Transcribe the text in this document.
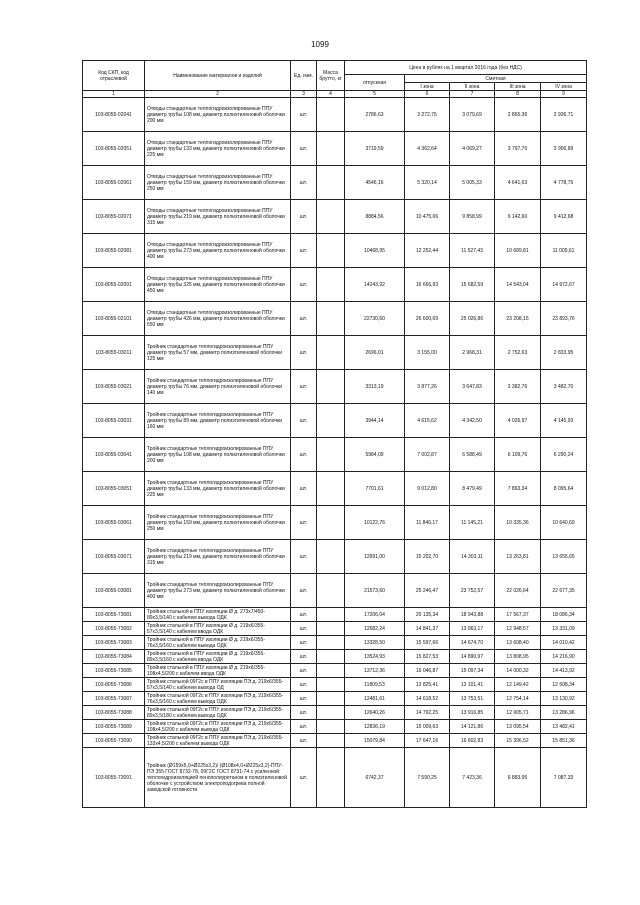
1099
Код СКП, код отраслевой	Наименование материалов и изделий	Ед. изм.	Масса брутто, кг	Цена в рублях на 1 квартал 2016 года (без НДС)				
				отпускная	Сметная			
					I зона	II зона	III зона	IV зона
1	2	3	4	5	6	7	8	9
103-8055-02041	Отводы стандартные теплогидроизолированные ППУ диаметр трубы 108 мм, диаметр полиэтиленовой оболочки 200 мм	шт.		2786,63	3 272,75	3 079,69	2 865,36	2 936,71
103-8055-02051	Отводы стандартные теплогидроизолированные ППУ диаметр трубы 133 мм, диаметр полиэтиленовой оболочки 225 мм	шт.		3719,59	4 362,64	4 069,27	3 797,70	3 906,89
103-8055-02061	Отводы стандартные теплогидроизолированные ППУ диаметр трубы 159 мм, диаметр полиэтиленовой оболочки 250 мм	шт.		4546,16	5 320,14	5 005,33	4 641,63	4 778,75
103-8055-02071	Отводы стандартные теплогидроизолированные ППУ диаметр трубы 219 мм, диаметр полиэтиленовой оболочки 315 мм	шт.		8884,56	10 475,06	9 858,99	9 142,60	9 412,68
103-8055-02081	Отводы стандартные теплогидроизолированные ППУ диаметр трубы 273 мм, диаметр полиэтиленовой оболочки 400 мм	шт.		10468,95	12 252,44	11 527,43	10 689,81	11 005,61
103-8055-02091	Отводы стандартные теплогидроизолированные ППУ диаметр трубы 325 мм, диаметр полиэтиленовой оболочки 450 мм	шт.		14243,92	16 666,93	15 682,59	14 543,04	14 972,67
103-8055-02101	Отводы стандартные теплогидроизолированные ППУ диаметр трубы 426 мм, диаметр полиэтиленовой оболочки 550 мм	шт.		22730,60	26 600,69	25 026,86	23 208,15	23 893,76
103-8055-03011	Тройник стандартные теплогидроизолированные ППУ диаметр трубы 57 мм, диаметр полиэтиленовой оболочки 125 мм	шт.		2696,01	3 155,00	2 968,31	2 752,63	2 833,95
103-8055-03021	Тройник стандартные теплогидроизолированные ППУ диаметр трубы 76 мм, диаметр полиэтиленовой оболочки 140 мм	шт.		3313,19	3 877,26	3 647,83	3 382,76	3 482,70
103-8055-03031	Тройник стандартные теплогидроизолированные ППУ диаметр трубы 89 мм, диаметр полиэтиленовой оболочки 160 мм	шт.		3944,14	4 615,62	4 342,50	4 026,97	4 145,93
103-8055-03041	Тройник стандартные теплогидроизолированные ППУ диаметр трубы 108 мм, диаметр полиэтиленовой оболочки 200 мм	шт.		5984,09	7 002,87	6 588,49	6 109,76	6 290,24
103-8055-03051	Тройник стандартные теплогидроизолированные ППУ диаметр трубы 133 мм, диаметр полиэтиленовой оболочки 225 мм	шт.		7701,61	9 012,80	8 479,49	7 863,34	8 095,64
103-8055-03061	Тройник стандартные теплогидроизолированные ППУ диаметр трубы 159 мм, диаметр полиэтиленовой оболочки 250 мм	шт.		10122,76	11 846,17	11 145,21	10 335,36	10 640,69
103-8055-03071	Тройник стандартные теплогидроизолированные ППУ диаметр трубы 219 мм, диаметр полиэтиленовой оболочки 315 мм	шт.		12991,00	15 202,70	14 303,11	13 263,81	13 655,65
103-8055-03081	Тройник стандартные теплогидроизолированные ППУ диаметр трубы 273 мм, диаметр полиэтиленовой оболочки 400 мм	шт.		21573,60	25 246,47	23 752,57	22 026,64	22 677,35
103-8055-73081	Тройник стальной в ППУ изоляции Ø д. 273x7/450-89x3,5/140 с кабелем вывода ОДК	шт.		17206,04	20 135,34	18 943,88	17 567,37	18 086,34
103-8055-73082	Тройник стальной в ППУ изоляции Ø д. 219x6/355-57x3,5/140 с кабелем ввода ОДК	шт.		12682,24	14 841,37	13 963,17	12 948,57	13 331,09
103-8055-73083	Тройник стальной в ППУ изоляции Ø д. 219x6/355-76x3,5/160 с кабелем вывода ОДК	шт.		13328,50	15 597,66	14 674,70	13 608,40	14 010,42
103-8055-73084	Тройник стальной в ППУ изоляции Ø д. 219x6/355-89x3,5/160 с кабелем ввода ОДК	шт.		13524,93	15 827,53	14 890,97	13 808,95	14 216,90
103-8055-73085	Тройник стальной в ППУ изоляции Ø д. 219x6/355-108x4,5/200 с кабелем ввода ОДК	шт.		13712,36	16 046,87	15 097,34	14 000,32	14 413,92
103-8055-73086	Тройник стальной 09Г2с в ППУ изоляции ПЭ д. 219x6/355-57x3,5/140 с кабелем вывода ОД	шт.		11809,53	13 825,41	13 101,41	12 149,42	12 508,34
103-8055-73087	Тройник стальной 09Г2с в ППУ изоляции ПЭ д. 219x6/355-76x3,5/160 с кабелем вывода ОДК	шт.		12481,61	14 618,52	13 753,51	12 754,14	13 130,92
103-8055-73088	Тройник стальной 09Г2с в ППУ изоляции ПЭ д. 219x6/355-89x3,5/180 с кабелем вывода ОДК	шт.		12640,26	14 792,25	13 916,85	12 905,71	13 286,96
103-8055-73089	Тройник стальной 09Г2с в ППУ изоляции ПЭ д. 219x6/355-108x4,5/200 с кабелем вывода ОДК	шт.		12836,19	15 009,63	14 121,86	13 095,54	13 482,41
103-8055-73090	Тройник стальной 09Г2с в ППУ изоляции ПЭ д. 219x6/355-133x4,5/200 с кабелем вывода ОДК	шт.		15079,84	17 647,16	16 602,83	15 396,52	15 851,36
103-8055-73091	Тройник (Ø159x5,0+Ø225x3,2)/ (Ø108x4,0+Ø225x3,2)-ППУ-ПЭ 355 ГОСТ 8732-78, 09Г2С ГОСТ 8731-74 с усиленной теплогидроизоляцией пенополиуретаном в полиэтиленовой оболочке с устройством электроподогрева полной заводской готовности	шт.		6742,37	7 590,25	7 423,36	6 883,95	7 087,33
